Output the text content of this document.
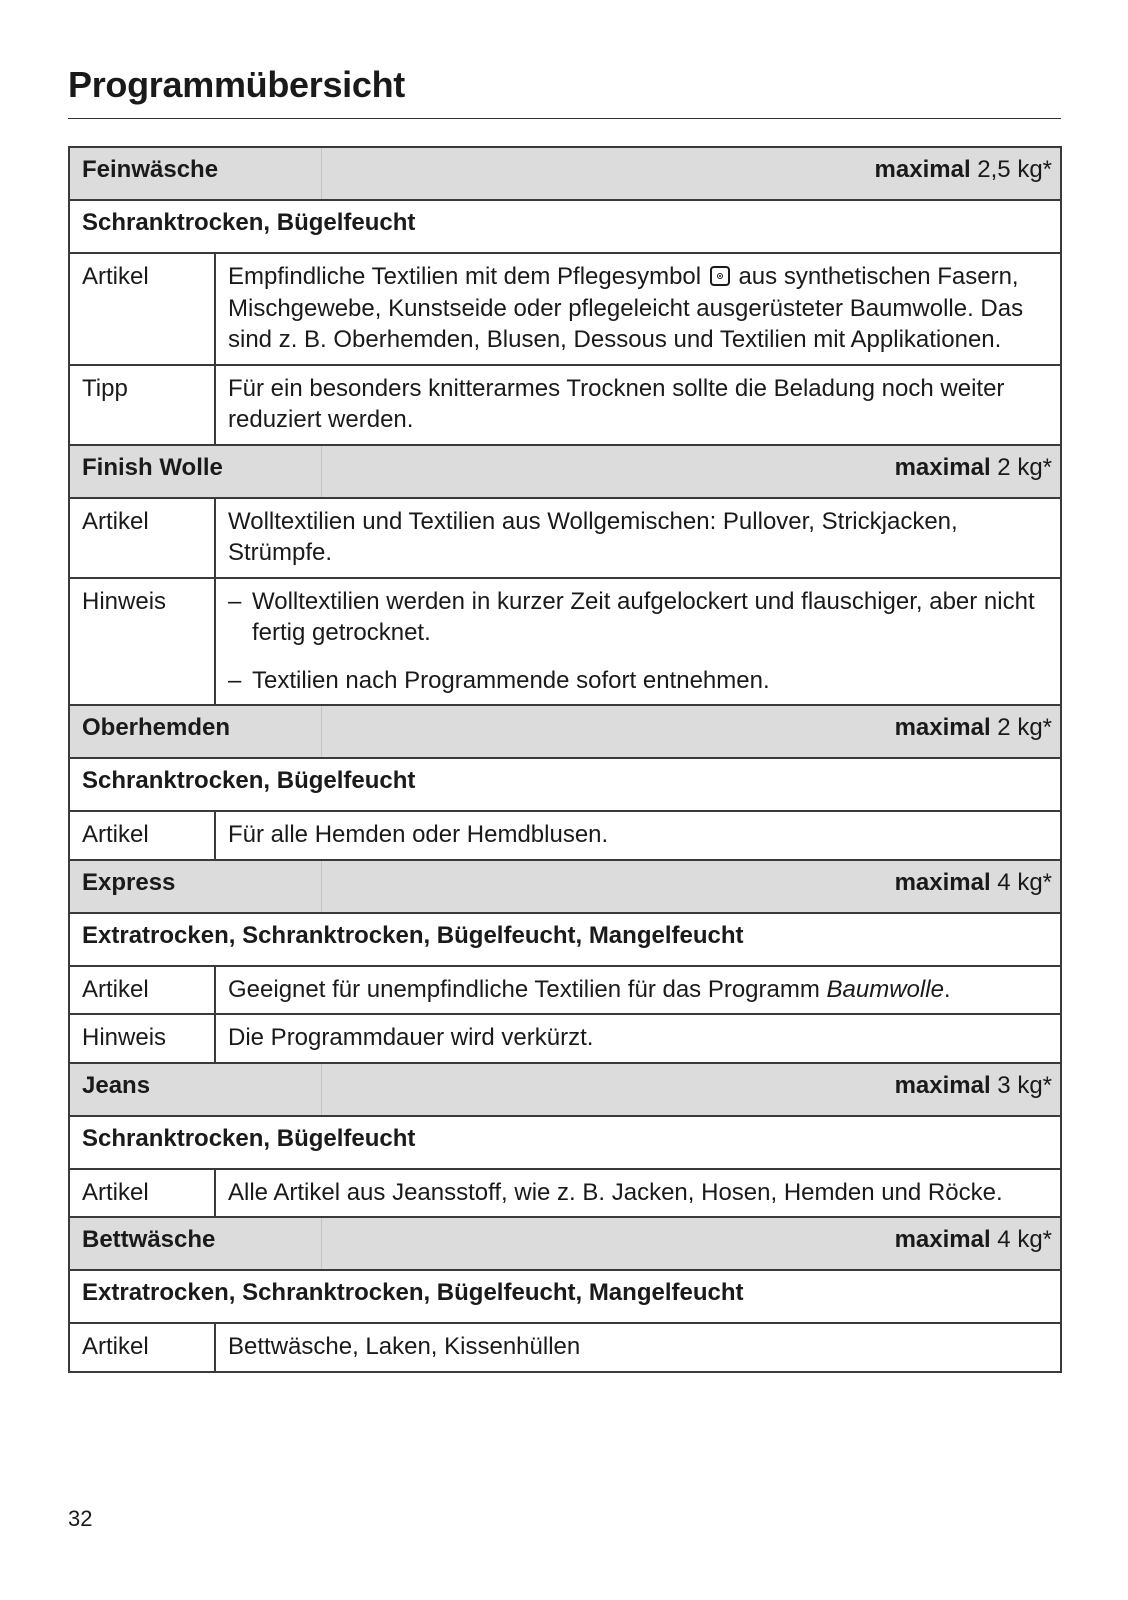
Programmübersicht
Feinwäsche		maximal 2,5 kg*
Schranktrocken, Bügelfeucht		
Artikel	Empfindliche Textilien mit dem Pflegesymbol aus synthetischen Fasern, Mischgewebe, Kunstseide oder pflegeleicht ausgerüsteter Baumwolle. Das sind z. B. Oberhemden, Blusen, Dessous und Textilien mit Applikationen.	
Tipp	Für ein besonders knitterarmes Trocknen sollte die Beladung noch weiter reduziert werden.	
Finish Wolle		maximal 2 kg*
Artikel	Wolltextilien und Textilien aus Wollgemischen: Pullover, Strickjacken, Strümpfe.	
Hinweis	– Wolltextilien werden in kurzer Zeit aufgelockert und flauschiger, aber nicht fertig getrocknet.
– Textilien nach Programmende sofort entnehmen.	

Oberhemden		maximal 2 kg*
Schranktrocken, Bügelfeucht		
Artikel	Für alle Hemden oder Hemdblusen.	
Express		maximal 4 kg*
Extratrocken, Schranktrocken, Bügelfeucht, Mangelfeucht		
Artikel	Geeignet für unempfindliche Textilien für das Programm Baumwolle.	
Hinweis	Die Programmdauer wird verkürzt.	
Jeans		maximal 3 kg*
Schranktrocken, Bügelfeucht		
Artikel	Alle Artikel aus Jeansstoff, wie z. B. Jacken, Hosen, Hemden und Röcke.	
Bettwäsche		maximal 4 kg*
Extratrocken, Schranktrocken, Bügelfeucht, Mangelfeucht		
Artikel	Bettwäsche, Laken, Kissenhüllen	
32
